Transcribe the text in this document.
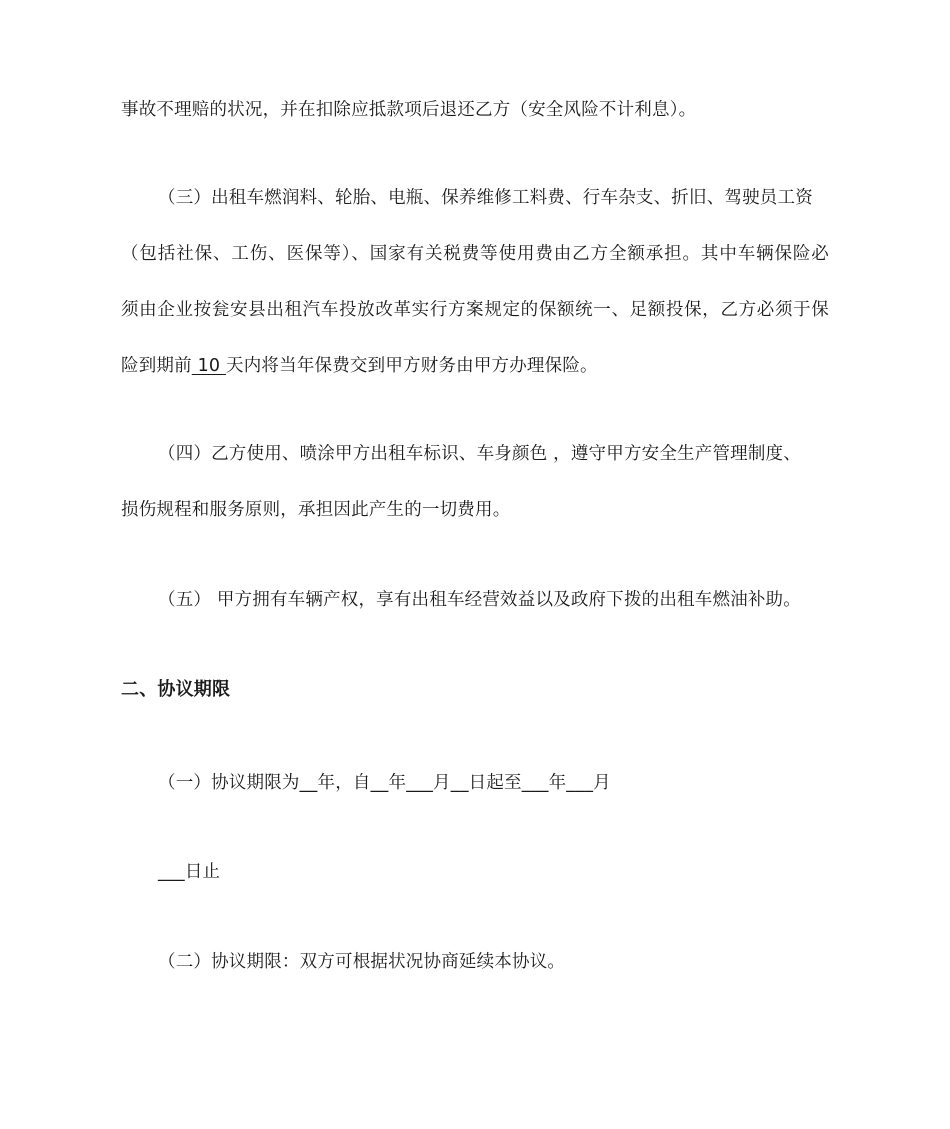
事故不理赔的状况，并在扣除应抵款项后退还乙方（安全风险不计利息）。
（三）出租车燃润料、轮胎、电瓶、保养维修工料费、行车杂支、折旧、驾驶员工资
（包括社保、工伤、医保等）、国家有关税费等使用费由乙方全额承担。其中车辆保险必
须由企业按瓮安县出租汽车投放改革实行方案规定的保额统一、足额投保，乙方必须于保
险到期前 10 天内将当年保费交到甲方财务由甲方办理保险。
（四）乙方使用、喷涂甲方出租车标识、车身颜色 ，遵守甲方安全生产管理制度、
损伤规程和服务原则，承担因此产生的一切费用。
（五） 甲方拥有车辆产权，享有出租车经营效益以及政府下拨的出租车燃油补助。
二、协议期限
（一）协议期限为__年，自__年___月__日起至___年___月
___日止
（二）协议期限：双方可根据状况协商延续本协议。
